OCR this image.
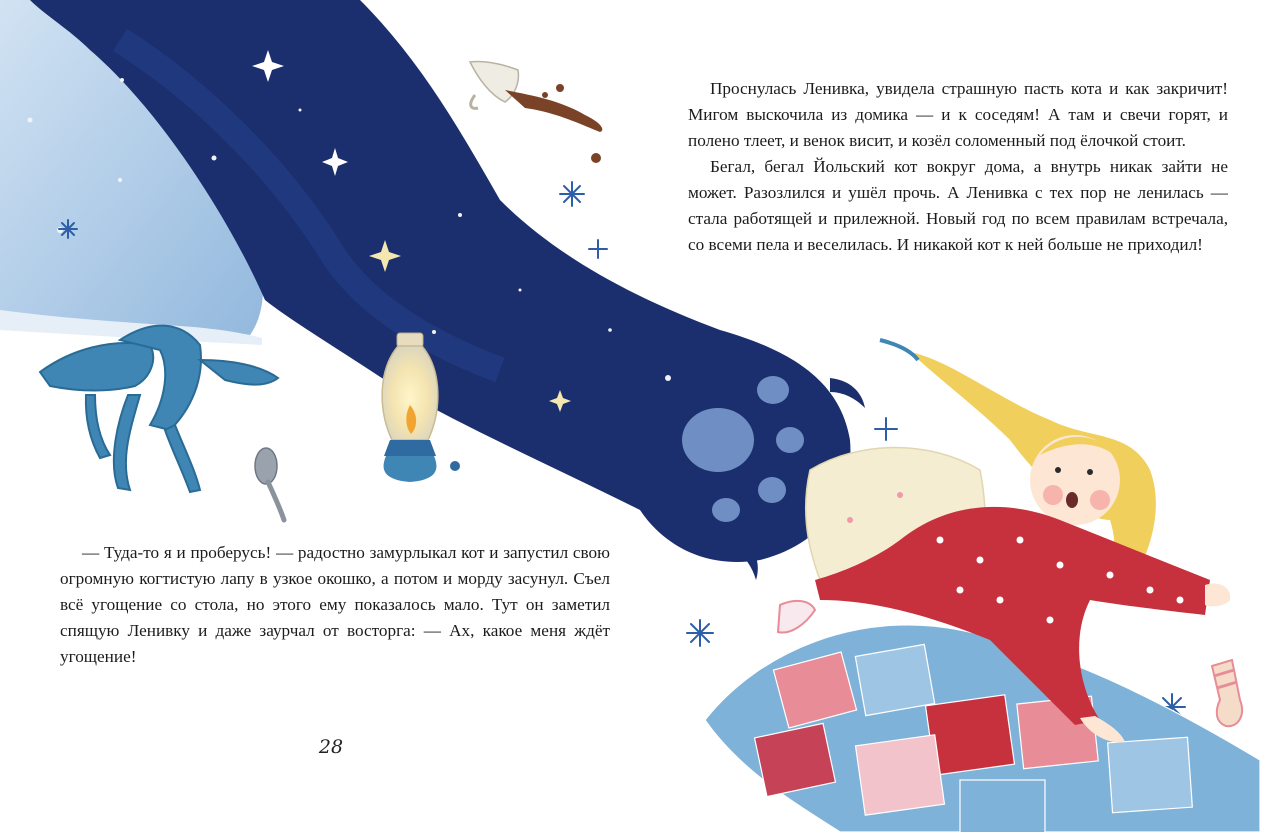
Проснулась Ленивка, увидела страшную пасть кота и как закричит! Мигом выскочила из домика — и к соседям! А там и свечи горят, и полено тлеет, и венок висит, и козёл соломенный под ёлочкой стоит.

Бегал, бегал Йольский кот вокруг дома, а внутрь никак зайти не может. Разозлился и ушёл прочь. А Ленивка с тех пор не ленилась — стала работящей и прилежной. Новый год по всем правилам встречала, со всеми пела и веселилась. И никакой кот к ней больше не приходил!

— Туда-то я и проберусь! — радостно замурлыкал кот и запустил свою огромную когтистую лапу в узкое окошко, а потом и морду засунул. Съел всё угощение со стола, но этого ему показалось мало. Тут он заметил спящую Ленивку и даже заурчал от восторга: — Ах, какое меня ждёт угощение!

28
